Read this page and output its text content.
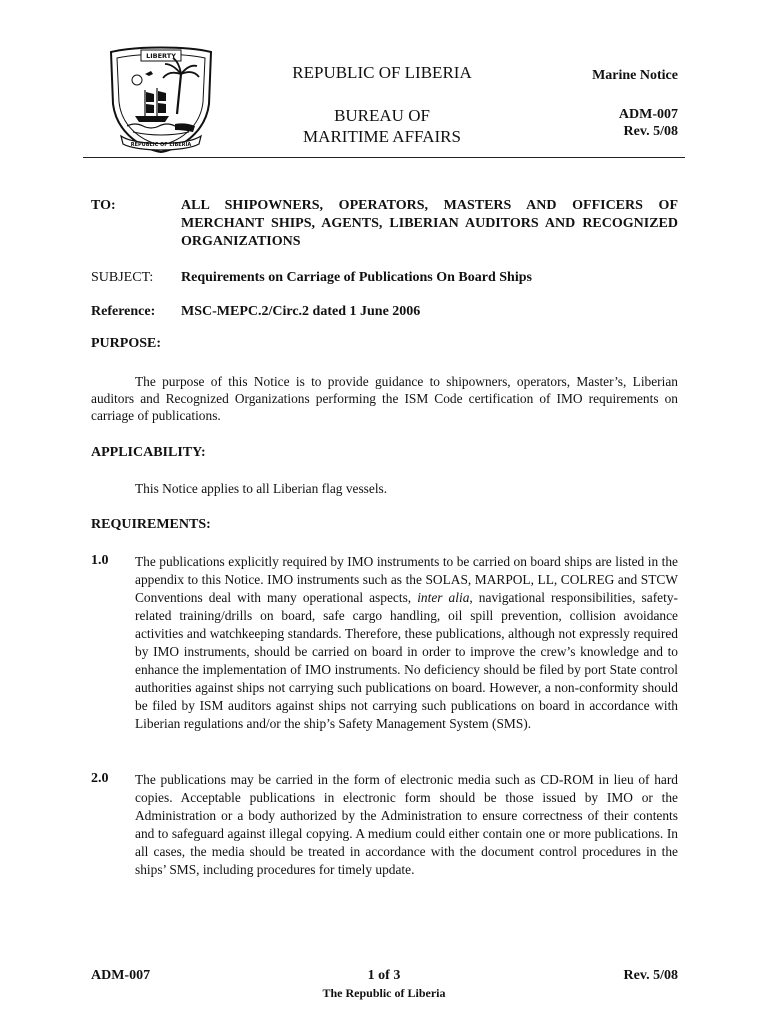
LIBERTY
REPUBLIC OF LIBERIA
REPUBLIC OF LIBERIA
BUREAU OF
MARITIME AFFAIRS
Marine Notice
ADM-007
Rev. 5/08
TO:	ALL SHIPOWNERS, OPERATORS, MASTERS AND OFFICERS OF MERCHANT SHIPS, AGENTS, LIBERIAN AUDITORS AND RECOGNIZED ORGANIZATIONS
SUBJECT: Requirements on Carriage of Publications On Board Ships
Reference: MSC-MEPC.2/Circ.2 dated 1 June 2006
PURPOSE:
The purpose of this Notice is to provide guidance to shipowners, operators, Master’s, Liberian auditors and Recognized Organizations performing the ISM Code certification of IMO requirements on carriage of publications.
APPLICABILITY:
This Notice applies to all Liberian flag vessels.
REQUIREMENTS:
1.0 The publications explicitly required by IMO instruments to be carried on board ships are listed in the appendix to this Notice. IMO instruments such as the SOLAS, MARPOL, LL, COLREG and STCW Conventions deal with many operational aspects, inter alia, navigational responsibilities, safety-related training/drills on board, safe cargo handling, oil spill prevention, collision avoidance activities and watchkeeping standards. Therefore, these publications, although not expressly required by IMO instruments, should be carried on board in order to improve the crew’s knowledge and to enhance the implementation of IMO instruments. No deficiency should be filed by port State control authorities against ships not carrying such publications on board. However, a non-conformity should be filed by ISM auditors against ships not carrying such publications on board in accordance with Liberian regulations and/or the ship’s Safety Management System (SMS).
2.0 The publications may be carried in the form of electronic media such as CD-ROM in lieu of hard copies. Acceptable publications in electronic form should be those issued by IMO or the Administration or a body authorized by the Administration to ensure correctness of their contents and to safeguard against illegal copying. A medium could either contain one or more publications. In all cases, the media should be treated in accordance with the document control procedures in the ships’ SMS, including procedures for timely update.
ADM-007	1 of 3	Rev. 5/08
The Republic of Liberia
